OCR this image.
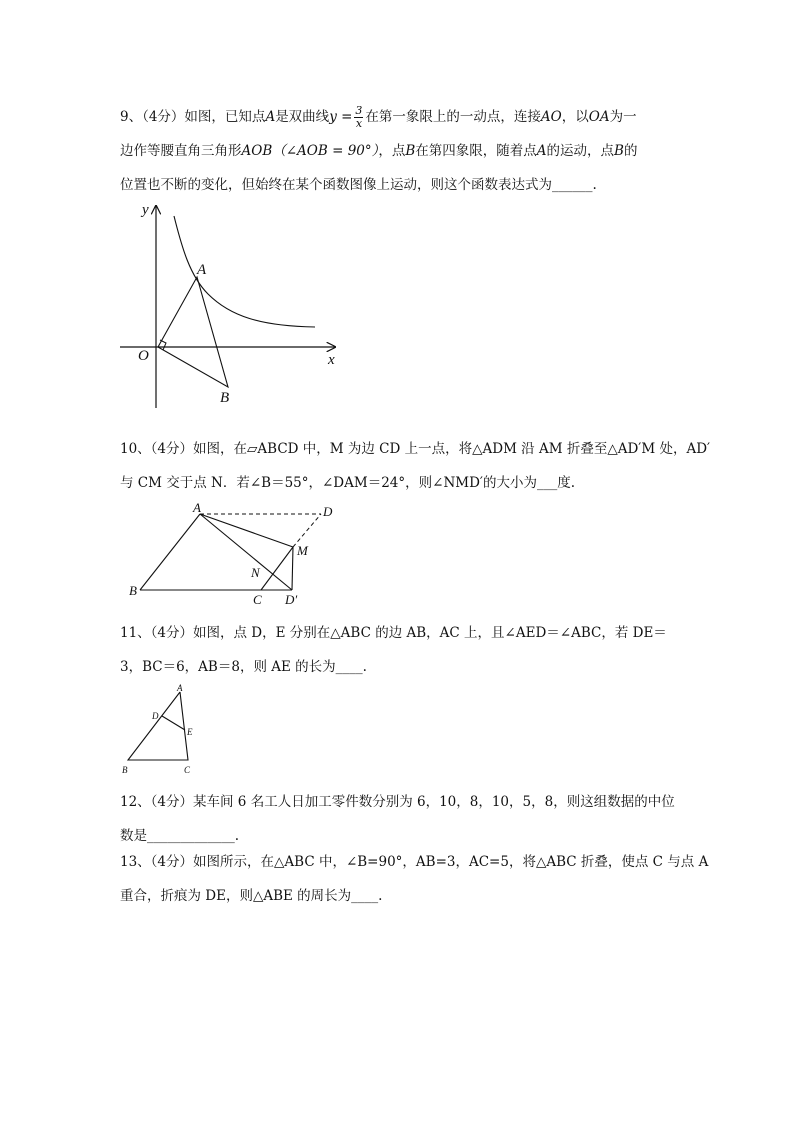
9、（4分）如图，已知点A是双曲线$y = \frac{3}{x}$ 在第一象限上的一动点，连接AO，以OA为一
边作等腰直角三角形AOB（∠AOB = 90°），点B在第四象限，随着点A的运动，点B的
位置也不断的变化，但始终在某个函数图像上运动，则这个函数表达式为______.
y
x
O
A
B
10、（4分）如图，在▱ABCD 中，M 为边 CD 上一点，将△ADM 沿 AM 折叠至△AD′M 处，AD′
与 CM 交于点 N．若∠B＝55°，∠DAM＝24°，则∠NMD′的大小为___度.
A	D
M
N
B
C D′
11、（4分）如图，点 D，E 分别在△ABC 的边 AB，AC 上，且∠AED＝∠ABC，若 DE＝
3，BC＝6，AB＝8，则 AE 的长为____.
A
D
E
B	C
12、（4分）某车间 6 名工人日加工零件数分别为 6，10，8，10，5，8，则这组数据的中位
数是_____________.
13、（4分）如图所示，在△ABC 中，∠B=90°，AB=3，AC=5，将△ABC 折叠，使点 C 与点 A
重合，折痕为 DE，则△ABE 的周长为____.
